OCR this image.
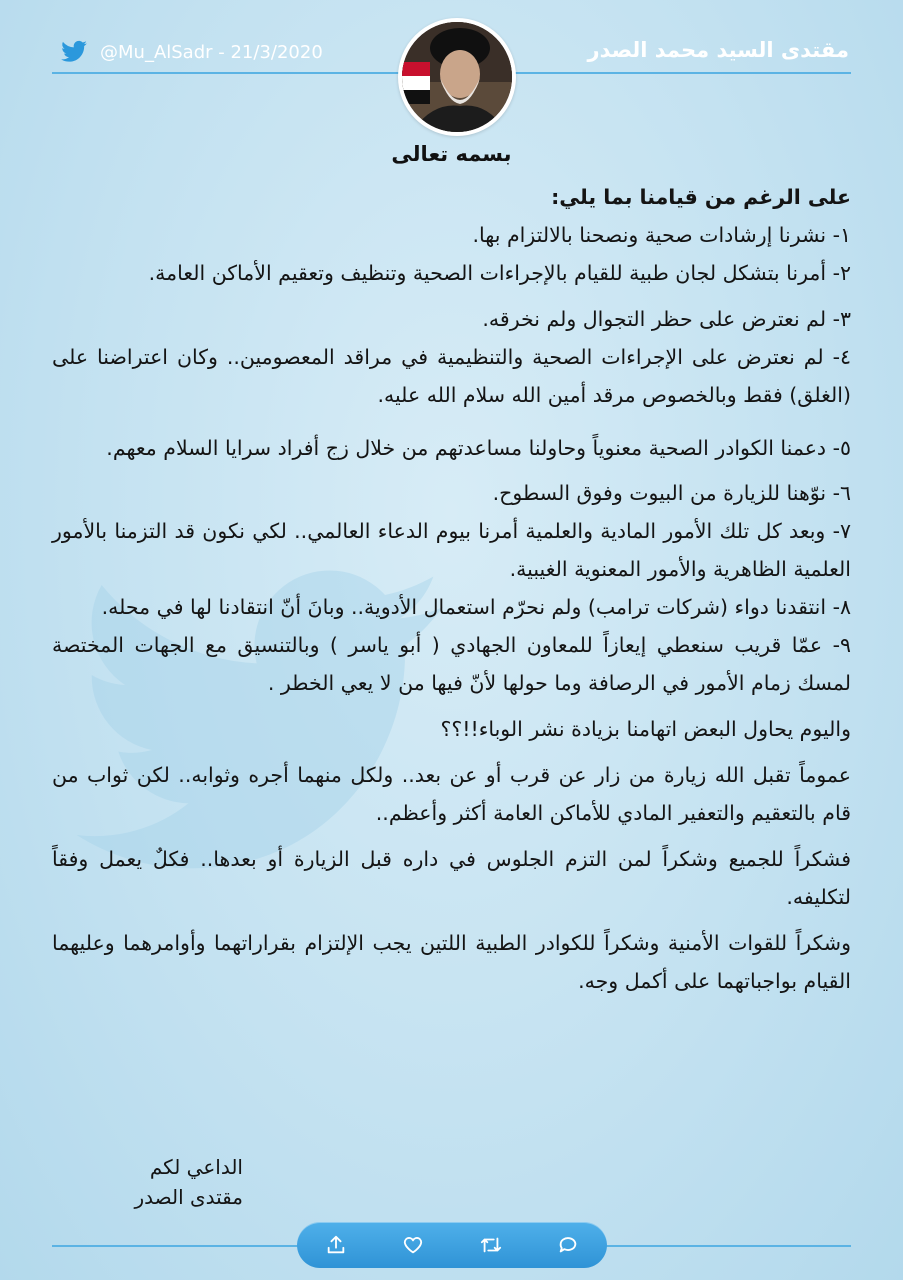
@Mu_AlSadr - 21/3/2020	مقتدى السيد محمد الصدر
بسمه تعالى

على الرغم من قيامنا بما يلي:

١- نشرنا إرشادات صحية ونصحنا بالالتزام بها.

٢- أمرنا بتشكل لجان طبية للقيام بالإجراءات الصحية وتنظيف وتعقيم الأماكن العامة.

٣- لم نعترض على حظر التجوال ولم نخرقه.

٤- لم نعترض على الإجراءات الصحية والتنظيمية في مراقد المعصومين.. وكان اعتراضنا على (الغلق) فقط وبالخصوص مرقد أمين الله سلام الله عليه.

٥- دعمنا الكوادر الصحية معنوياً وحاولنا مساعدتهم من خلال زج أفراد سرايا السلام معهم.

٦- نوّهنا للزيارة من البيوت وفوق السطوح.

٧- وبعد كل تلك الأمور المادية والعلمية أمرنا بيوم الدعاء العالمي.. لكي نكون قد التزمنا بالأمور العلمية الظاهرية والأمور المعنوية الغيبية.

٨- انتقدنا دواء (شركات ترامب) ولم نحرّم استعمال الأدوية.. وبانَ أنّ انتقادنا لها في محله.

٩- عمّا قريب سنعطي إيعازاً للمعاون الجهادي ( أبو ياسر ) وبالتنسيق مع الجهات المختصة لمسك زمام الأمور في الرصافة وما حولها لأنّ فيها من لا يعي الخطر .

واليوم يحاول البعض اتهامنا بزيادة نشر الوباء!!؟؟

عموماً تقبل الله زيارة من زار عن قرب أو عن بعد.. ولكل منهما أجره وثوابه.. لكن ثواب من قام بالتعقيم والتعفير المادي للأماكن العامة أكثر وأعظم..

فشكراً للجميع وشكراً لمن التزم الجلوس في داره قبل الزيارة أو بعدها.. فكلٌ يعمل وفقاً لتكليفه.

وشكراً للقوات الأمنية وشكراً للكوادر الطبية اللتين يجب الإلتزام بقراراتهما وأوامرهما وعليهما القيام بواجباتهما على أكمل وجه.

الداعي لكم
مقتدى الصدر
